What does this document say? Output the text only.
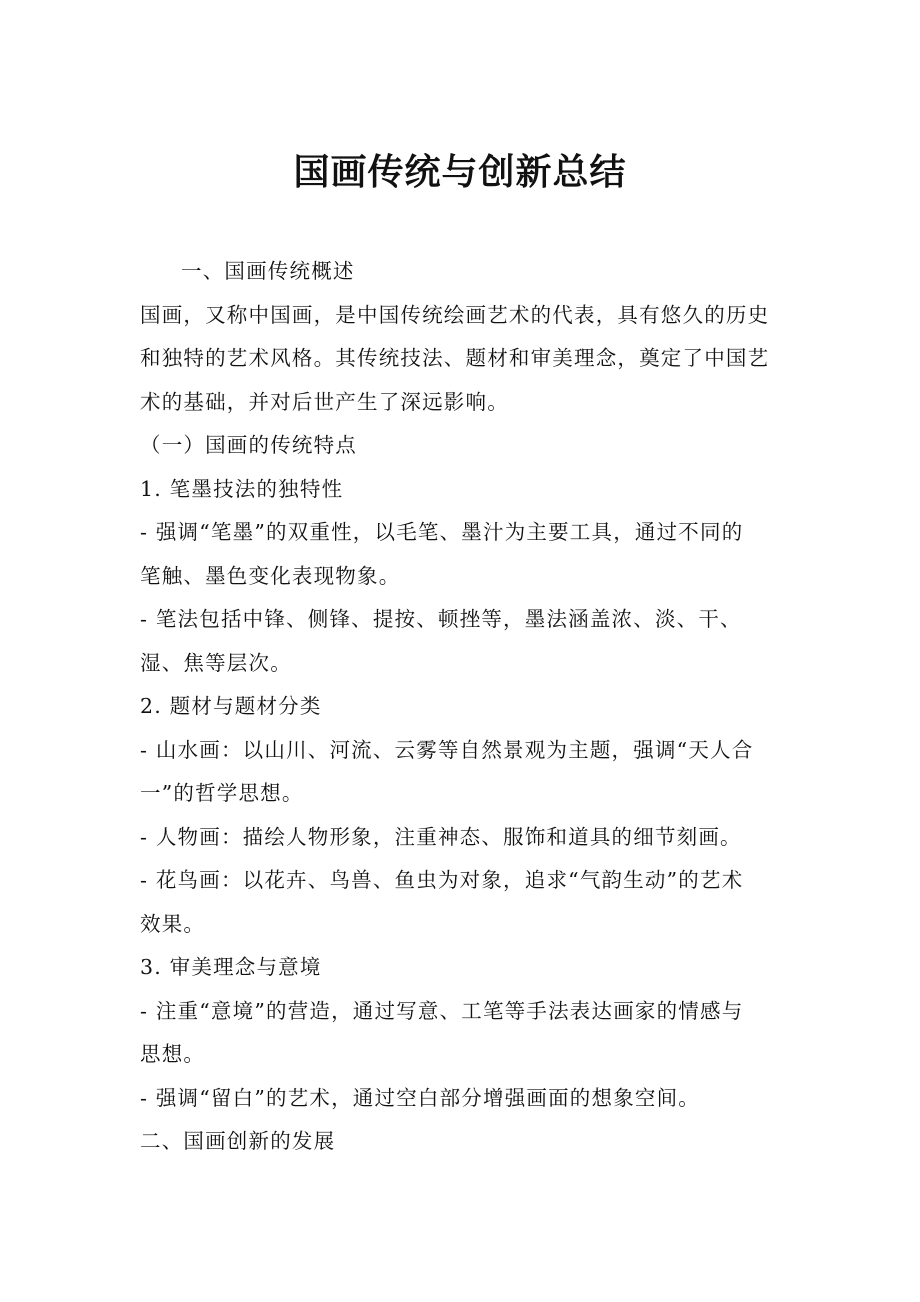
国画传统与创新总结
一、国画传统概述
国画，又称中国画，是中国传统绘画艺术的代表，具有悠久的历史
和独特的艺术风格。其传统技法、题材和审美理念，奠定了中国艺
术的基础，并对后世产生了深远影响。
（一）国画的传统特点
1. 笔墨技法的独特性
- 强调“笔墨”的双重性，以毛笔、墨汁为主要工具，通过不同的
笔触、墨色变化表现物象。
- 笔法包括中锋、侧锋、提按、顿挫等，墨法涵盖浓、淡、干、
湿、焦等层次。
2. 题材与题材分类
- 山水画：以山川、河流、云雾等自然景观为主题，强调“天人合
一”的哲学思想。
- 人物画：描绘人物形象，注重神态、服饰和道具的细节刻画。
- 花鸟画：以花卉、鸟兽、鱼虫为对象，追求“气韵生动”的艺术
效果。
3. 审美理念与意境
- 注重“意境”的营造，通过写意、工笔等手法表达画家的情感与
思想。
- 强调“留白”的艺术，通过空白部分增强画面的想象空间。
二、国画创新的发展
